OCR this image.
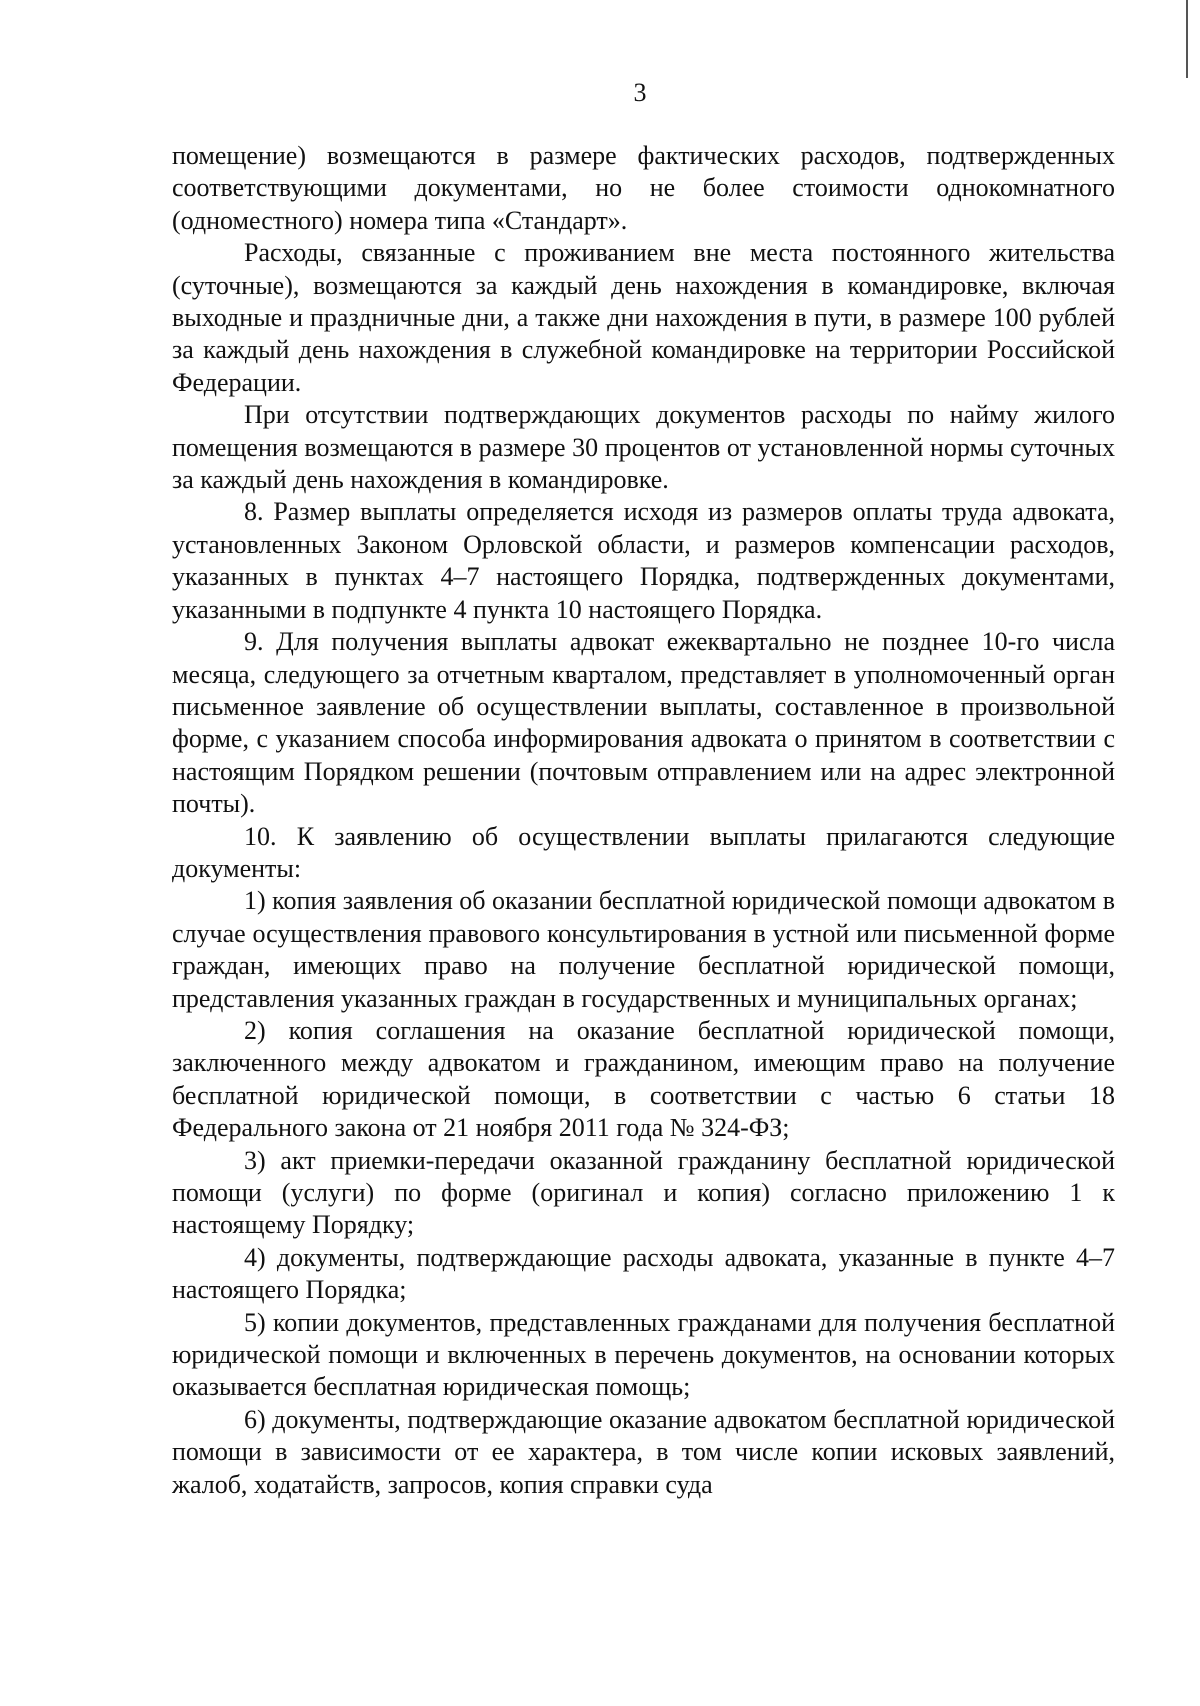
3

помещение) возмещаются в размере фактических расходов, подтвержденных соответствующими документами, но не более стоимости однокомнатного (одноместного) номера типа «Стандарт».

Расходы, связанные с проживанием вне места постоянного жительства (суточные), возмещаются за каждый день нахождения в командировке, включая выходные и праздничные дни, а также дни нахождения в пути, в размере 100 рублей за каждый день нахождения в служебной командировке на территории Российской Федерации.

При отсутствии подтверждающих документов расходы по найму жилого помещения возмещаются в размере 30 процентов от установленной нормы суточных за каждый день нахождения в командировке.

8. Размер выплаты определяется исходя из размеров оплаты труда адвоката, установленных Законом Орловской области, и размеров компенсации расходов, указанных в пунктах 4–7 настоящего Порядка, подтвержденных документами, указанными в подпункте 4 пункта 10 настоящего Порядка.

9. Для получения выплаты адвокат ежеквартально не позднее 10-го числа месяца, следующего за отчетным кварталом, представляет в уполномоченный орган письменное заявление об осуществлении выплаты, составленное в произвольной форме, с указанием способа информирования адвоката о принятом в соответствии с настоящим Порядком решении (почтовым отправлением или на адрес электронной почты).

10. К заявлению об осуществлении выплаты прилагаются следующие документы:

1) копия заявления об оказании бесплатной юридической помощи адвокатом в случае осуществления правового консультирования в устной или письменной форме граждан, имеющих право на получение бесплатной юридической помощи, представления указанных граждан в государственных и муниципальных органах;

2) копия соглашения на оказание бесплатной юридической помощи, заключенного между адвокатом и гражданином, имеющим право на получение бесплатной юридической помощи, в соответствии с частью 6 статьи 18 Федерального закона от 21 ноября 2011 года № 324-ФЗ;

3) акт приемки-передачи оказанной гражданину бесплатной юридической помощи (услуги) по форме (оригинал и копия) согласно приложению 1 к настоящему Порядку;

4) документы, подтверждающие расходы адвоката, указанные в пункте 4–7 настоящего Порядка;

5) копии документов, представленных гражданами для получения бесплатной юридической помощи и включенных в перечень документов, на основании которых оказывается бесплатная юридическая помощь;

6) документы, подтверждающие оказание адвокатом бесплатной юридической помощи в зависимости от ее характера, в том числе копии исковых заявлений, жалоб, ходатайств, запросов, копия справки суда
